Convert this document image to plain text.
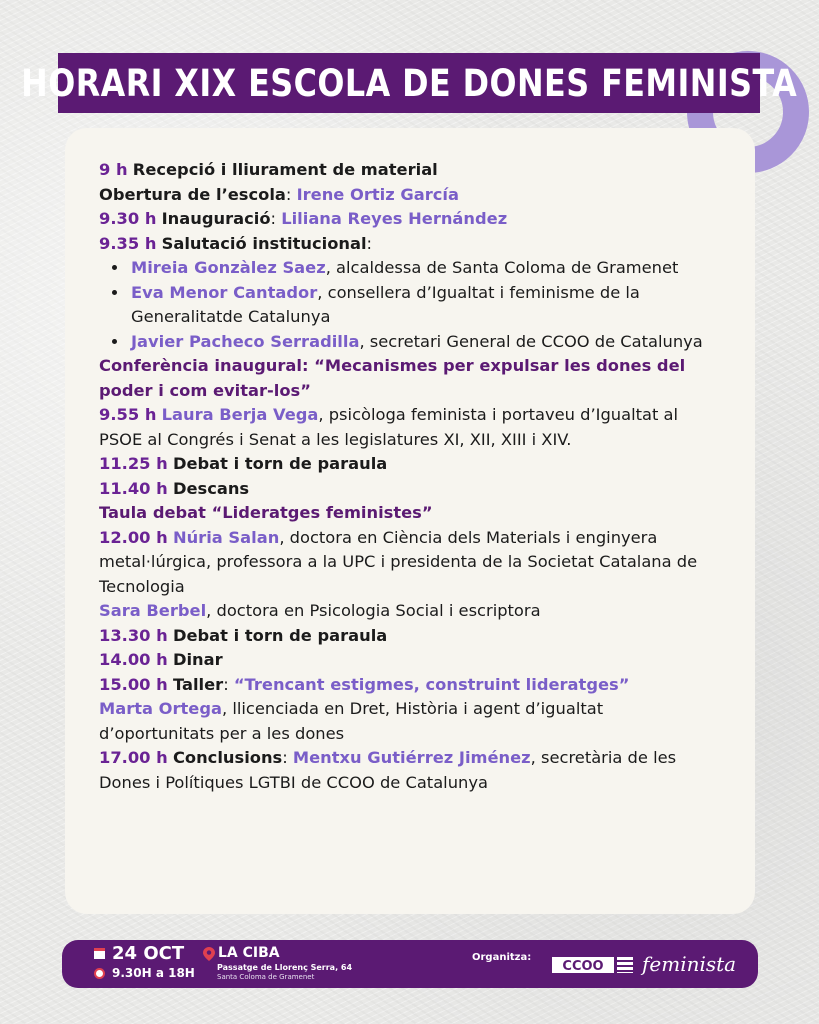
HORARI XIX ESCOLA DE DONES FEMINISTA
9 h Recepció i lliurament de material
Obertura de l’escola: Irene Ortiz García
9.30 h Inauguració: Liliana Reyes Hernández
9.35 h Salutació institucional:
• Mireia Gonzàlez Saez, alcaldessa de Santa Coloma de Gramenet
• Eva Menor Cantador, consellera d’Igualtat i feminisme de la Generalitatde Catalunya
• Javier Pacheco Serradilla, secretari General de CCOO de Catalunya
Conferència inaugural: “Mecanismes per expulsar les dones del poder i com evitar-los”
9.55 h Laura Berja Vega, psicòloga feminista i portaveu d’Igualtat al PSOE al Congrés i Senat a les legislatures XI, XII, XIII i XIV.
11.25 h Debat i torn de paraula
11.40 h Descans
Taula debat “Lideratges feministes”
12.00 h Núria Salan, doctora en Ciència dels Materials i enginyera metal·lúrgica, professora a la UPC i presidenta de la Societat Catalana de Tecnologia
Sara Berbel, doctora en Psicologia Social i escriptora
13.30 h Debat i torn de paraula
14.00 h Dinar
15.00 h Taller: “Trencant estigmes, construint lideratges”
Marta Ortega, llicenciada en Dret, Història i agent d’igualtat d’oportunitats per a les dones
17.00 h Conclusions: Mentxu Gutiérrez Jiménez, secretària de les Dones i Polítiques LGTBI de CCOO de Catalunya
24 OCT
9.30H a 18H
LA CIBA
Passatge de Llorenç Serra, 64
Santa Coloma de Gramenet
Organitza:
CCOO feminista
